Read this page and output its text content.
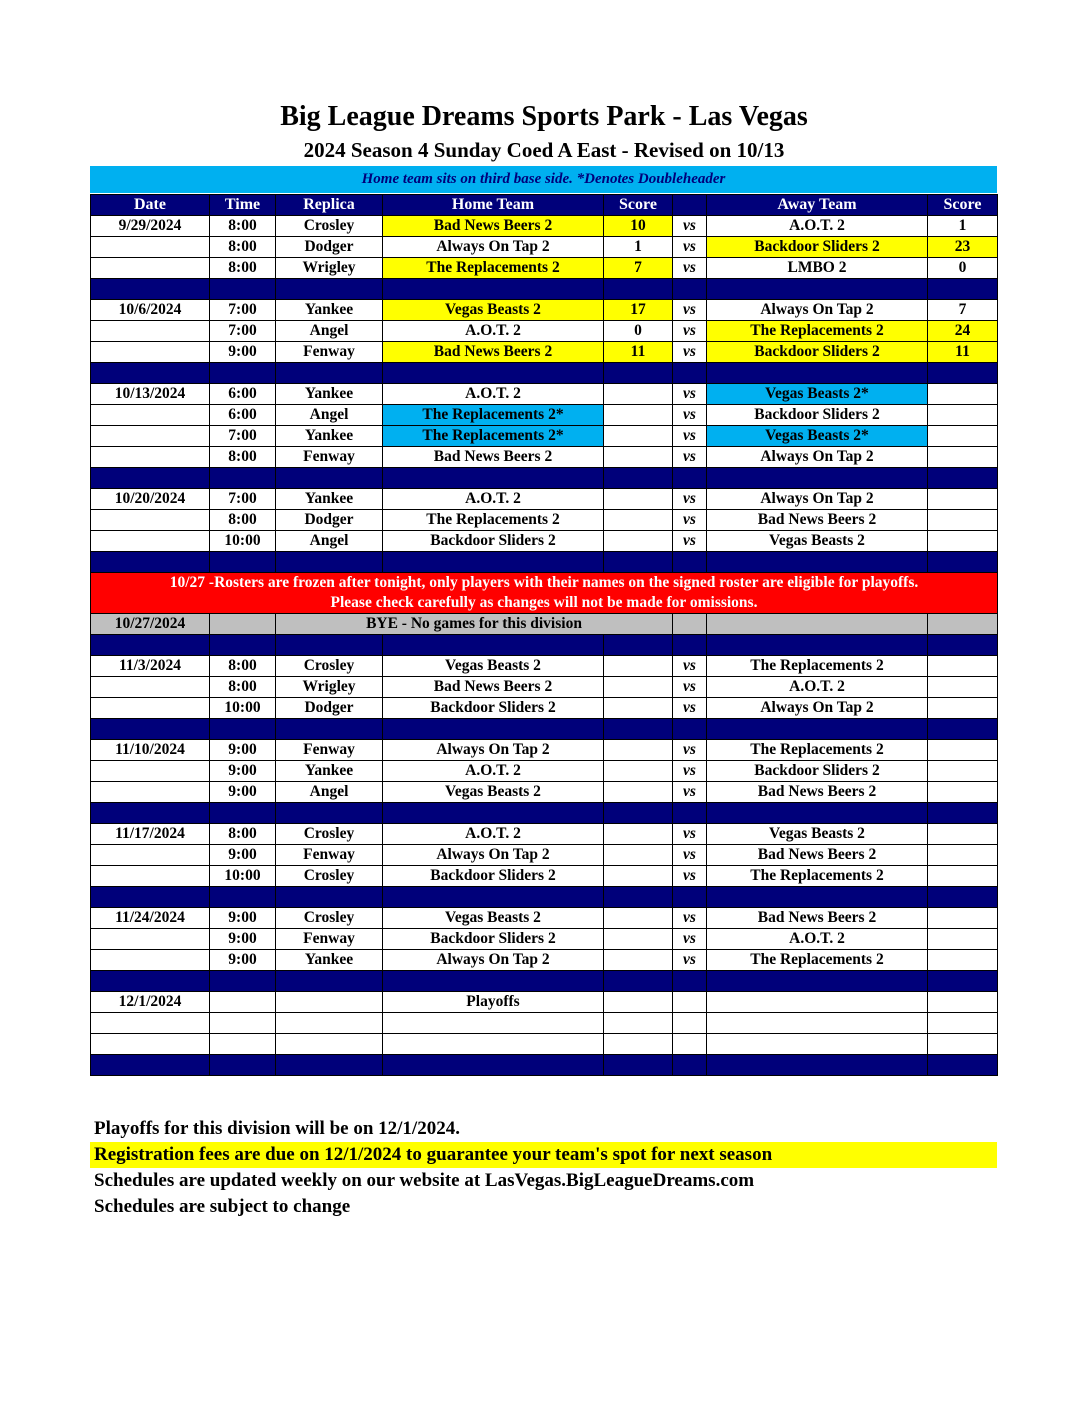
Big League Dreams Sports Park - Las Vegas
2024 Season 4 Sunday Coed A East - Revised on 10/13
Home team sits on third base side. *Denotes Doubleheader
Date	Time	Replica	Home Team	Score		Away Team	Score
9/29/2024	8:00	Crosley	Bad News Beers 2	10	vs	A.O.T. 2	1
	8:00	Dodger	Always On Tap 2	1	vs	Backdoor Sliders 2	23
	8:00	Wrigley	The Replacements 2	7	vs	LMBO 2	0

10/6/2024	7:00	Yankee	Vegas Beasts 2	17	vs	Always On Tap 2	7
	7:00	Angel	A.O.T. 2	0	vs	The Replacements 2	24
	9:00	Fenway	Bad News Beers 2	11	vs	Backdoor Sliders 2	11

10/13/2024	6:00	Yankee	A.O.T. 2		vs	Vegas Beasts 2*	
	6:00	Angel	The Replacements 2*		vs	Backdoor Sliders 2	
	7:00	Yankee	The Replacements 2*		vs	Vegas Beasts 2*	
	8:00	Fenway	Bad News Beers 2		vs	Always On Tap 2	

10/20/2024	7:00	Yankee	A.O.T. 2		vs	Always On Tap 2	
	8:00	Dodger	The Replacements 2		vs	Bad News Beers 2	
	10:00	Angel	Backdoor Sliders 2		vs	Vegas Beasts 2	

10/27 -Rosters are frozen after tonight, only players with their names on the signed roster are eligible for playoffs.
Please check carefully as changes will not be made for omissions.							

10/27/2024		BYE - No games for this division					

11/3/2024	8:00	Crosley	Vegas Beasts 2		vs	The Replacements 2	
	8:00	Wrigley	Bad News Beers 2		vs	A.O.T. 2	
	10:00	Dodger	Backdoor Sliders 2		vs	Always On Tap 2	

11/10/2024	9:00	Fenway	Always On Tap 2		vs	The Replacements 2	
	9:00	Yankee	A.O.T. 2		vs	Backdoor Sliders 2	
	9:00	Angel	Vegas Beasts 2		vs	Bad News Beers 2	

11/17/2024	8:00	Crosley	A.O.T. 2		vs	Vegas Beasts 2	
	9:00	Fenway	Always On Tap 2		vs	Bad News Beers 2	
	10:00	Crosley	Backdoor Sliders 2		vs	The Replacements 2	

11/24/2024	9:00	Crosley	Vegas Beasts 2		vs	Bad News Beers 2	
	9:00	Fenway	Backdoor Sliders 2		vs	A.O.T. 2	
	9:00	Yankee	Always On Tap 2		vs	The Replacements 2	

12/1/2024			Playoffs				

Playoffs for this division will be on 12/1/2024.
Registration fees are due on 12/1/2024 to guarantee your team's spot for next season
Schedules are updated weekly on our website at LasVegas.BigLeagueDreams.com
Schedules are subject to change
